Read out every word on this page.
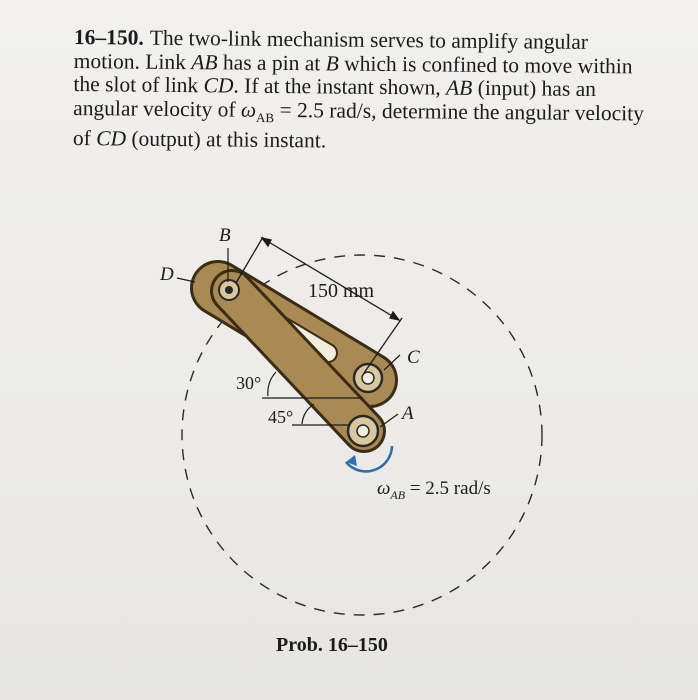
16–150. The two-link mechanism serves to amplify angular motion. Link AB has a pin at B which is confined to move within the slot of link CD. If at the instant shown, AB (input) has an angular velocity of $\omega_{AB} = 2.5$ rad/s, determine the angular velocity of CD (output) at this instant.
B
D
C
A
150 mm
30°
45°
$\omega_{AB} = 2.5$ rad/s
Prob. 16–150
